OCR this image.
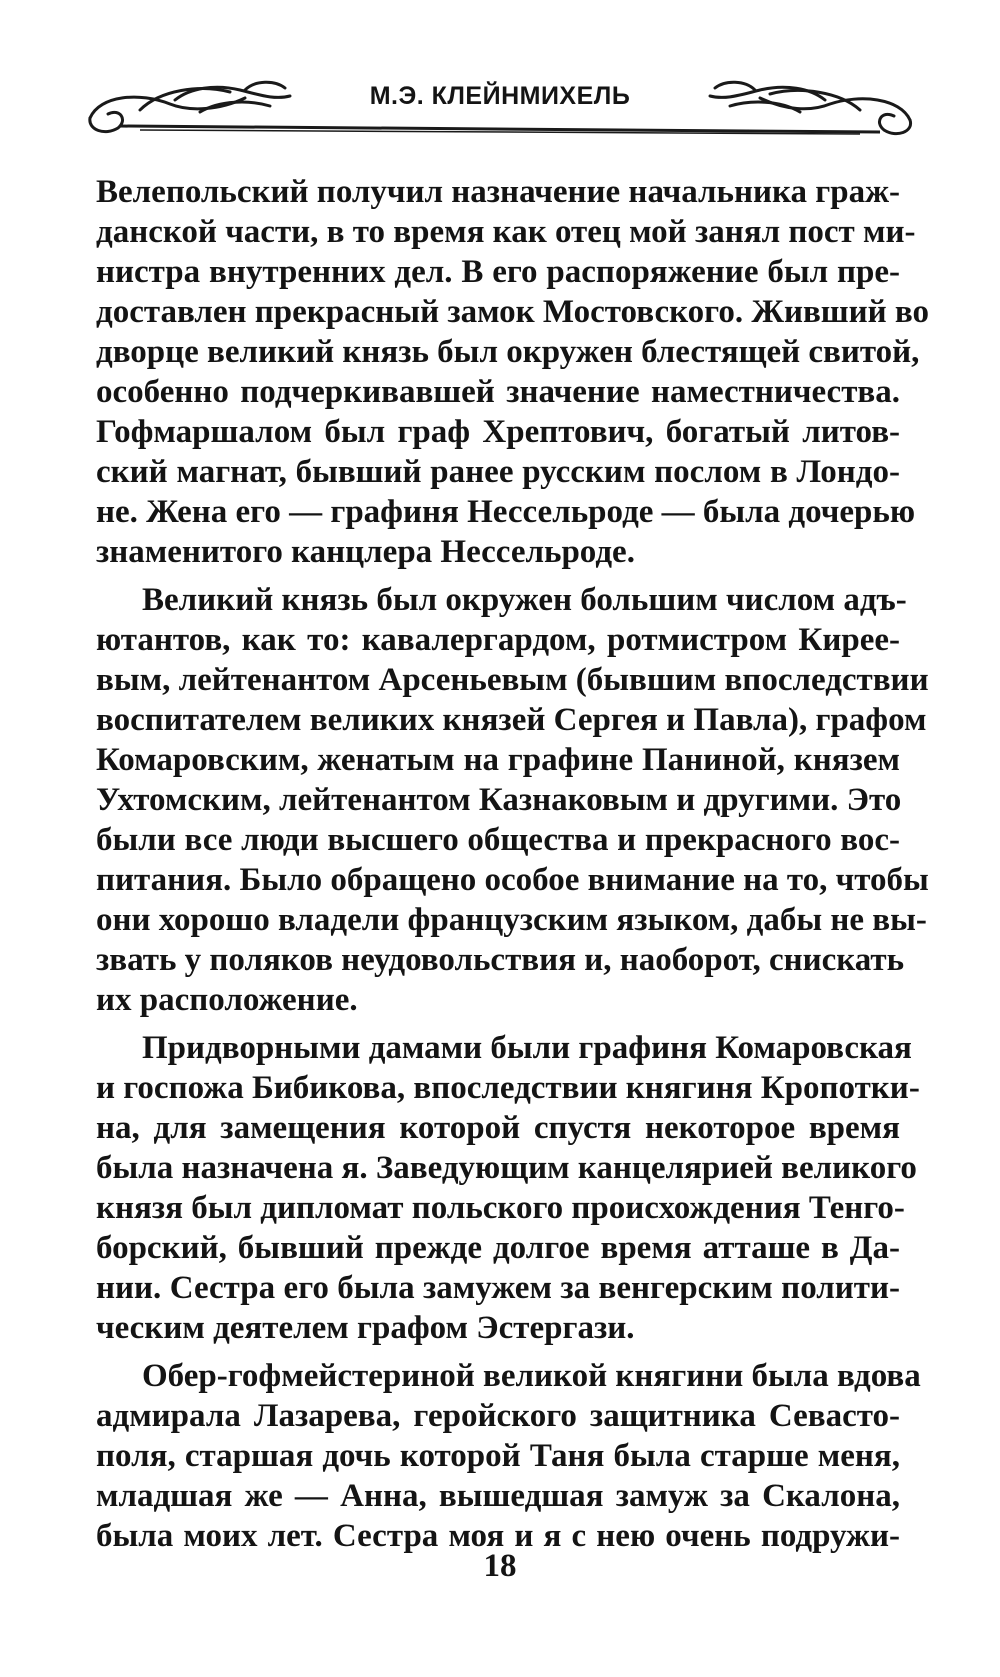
М.Э. КЛЕЙНМИХЕЛЬ
Велепольский получил назначение начальника граж-
данской части, в то время как отец мой занял пост ми-
нистра внутренних дел. В его распоряжение был пре-
доставлен прекрасный замок Мостовского. Живший во
дворце великий князь был окружен блестящей свитой,
особенно подчеркивавшей значение наместничества.
Гофмаршалом был граф Хрептович, богатый литов-
ский магнат, бывший ранее русским послом в Лондо-
не. Жена его — графиня Нессельроде — была дочерью
знаменитого канцлера Нессельроде.
Великий князь был окружен большим числом адъ-
ютантов, как то: кавалергардом, ротмистром Кирее-
вым, лейтенантом Арсеньевым (бывшим впоследствии
воспитателем великих князей Сергея и Павла), графом
Комаровским, женатым на графине Паниной, князем
Ухтомским, лейтенантом Казнаковым и другими. Это
были все люди высшего общества и прекрасного вос-
питания. Было обращено особое внимание на то, чтобы
они хорошо владели французским языком, дабы не вы-
звать у поляков неудовольствия и, наоборот, снискать
их расположение.
Придворными дамами были графиня Комаровская
и госпожа Бибикова, впоследствии княгиня Кропотки-
на, для замещения которой спустя некоторое время
была назначена я. Заведующим канцелярией великого
князя был дипломат польского происхождения Тенго-
борский, бывший прежде долгое время атташе в Да-
нии. Сестра его была замужем за венгерским полити-
ческим деятелем графом Эстергази.
Обер-гофмейстериной великой княгини была вдова
адмирала Лазарева, геройского защитника Севасто-
поля, старшая дочь которой Таня была старше меня,
младшая же — Анна, вышедшая замуж за Скалона,
была моих лет. Сестра моя и я с нею очень подружи-
18
